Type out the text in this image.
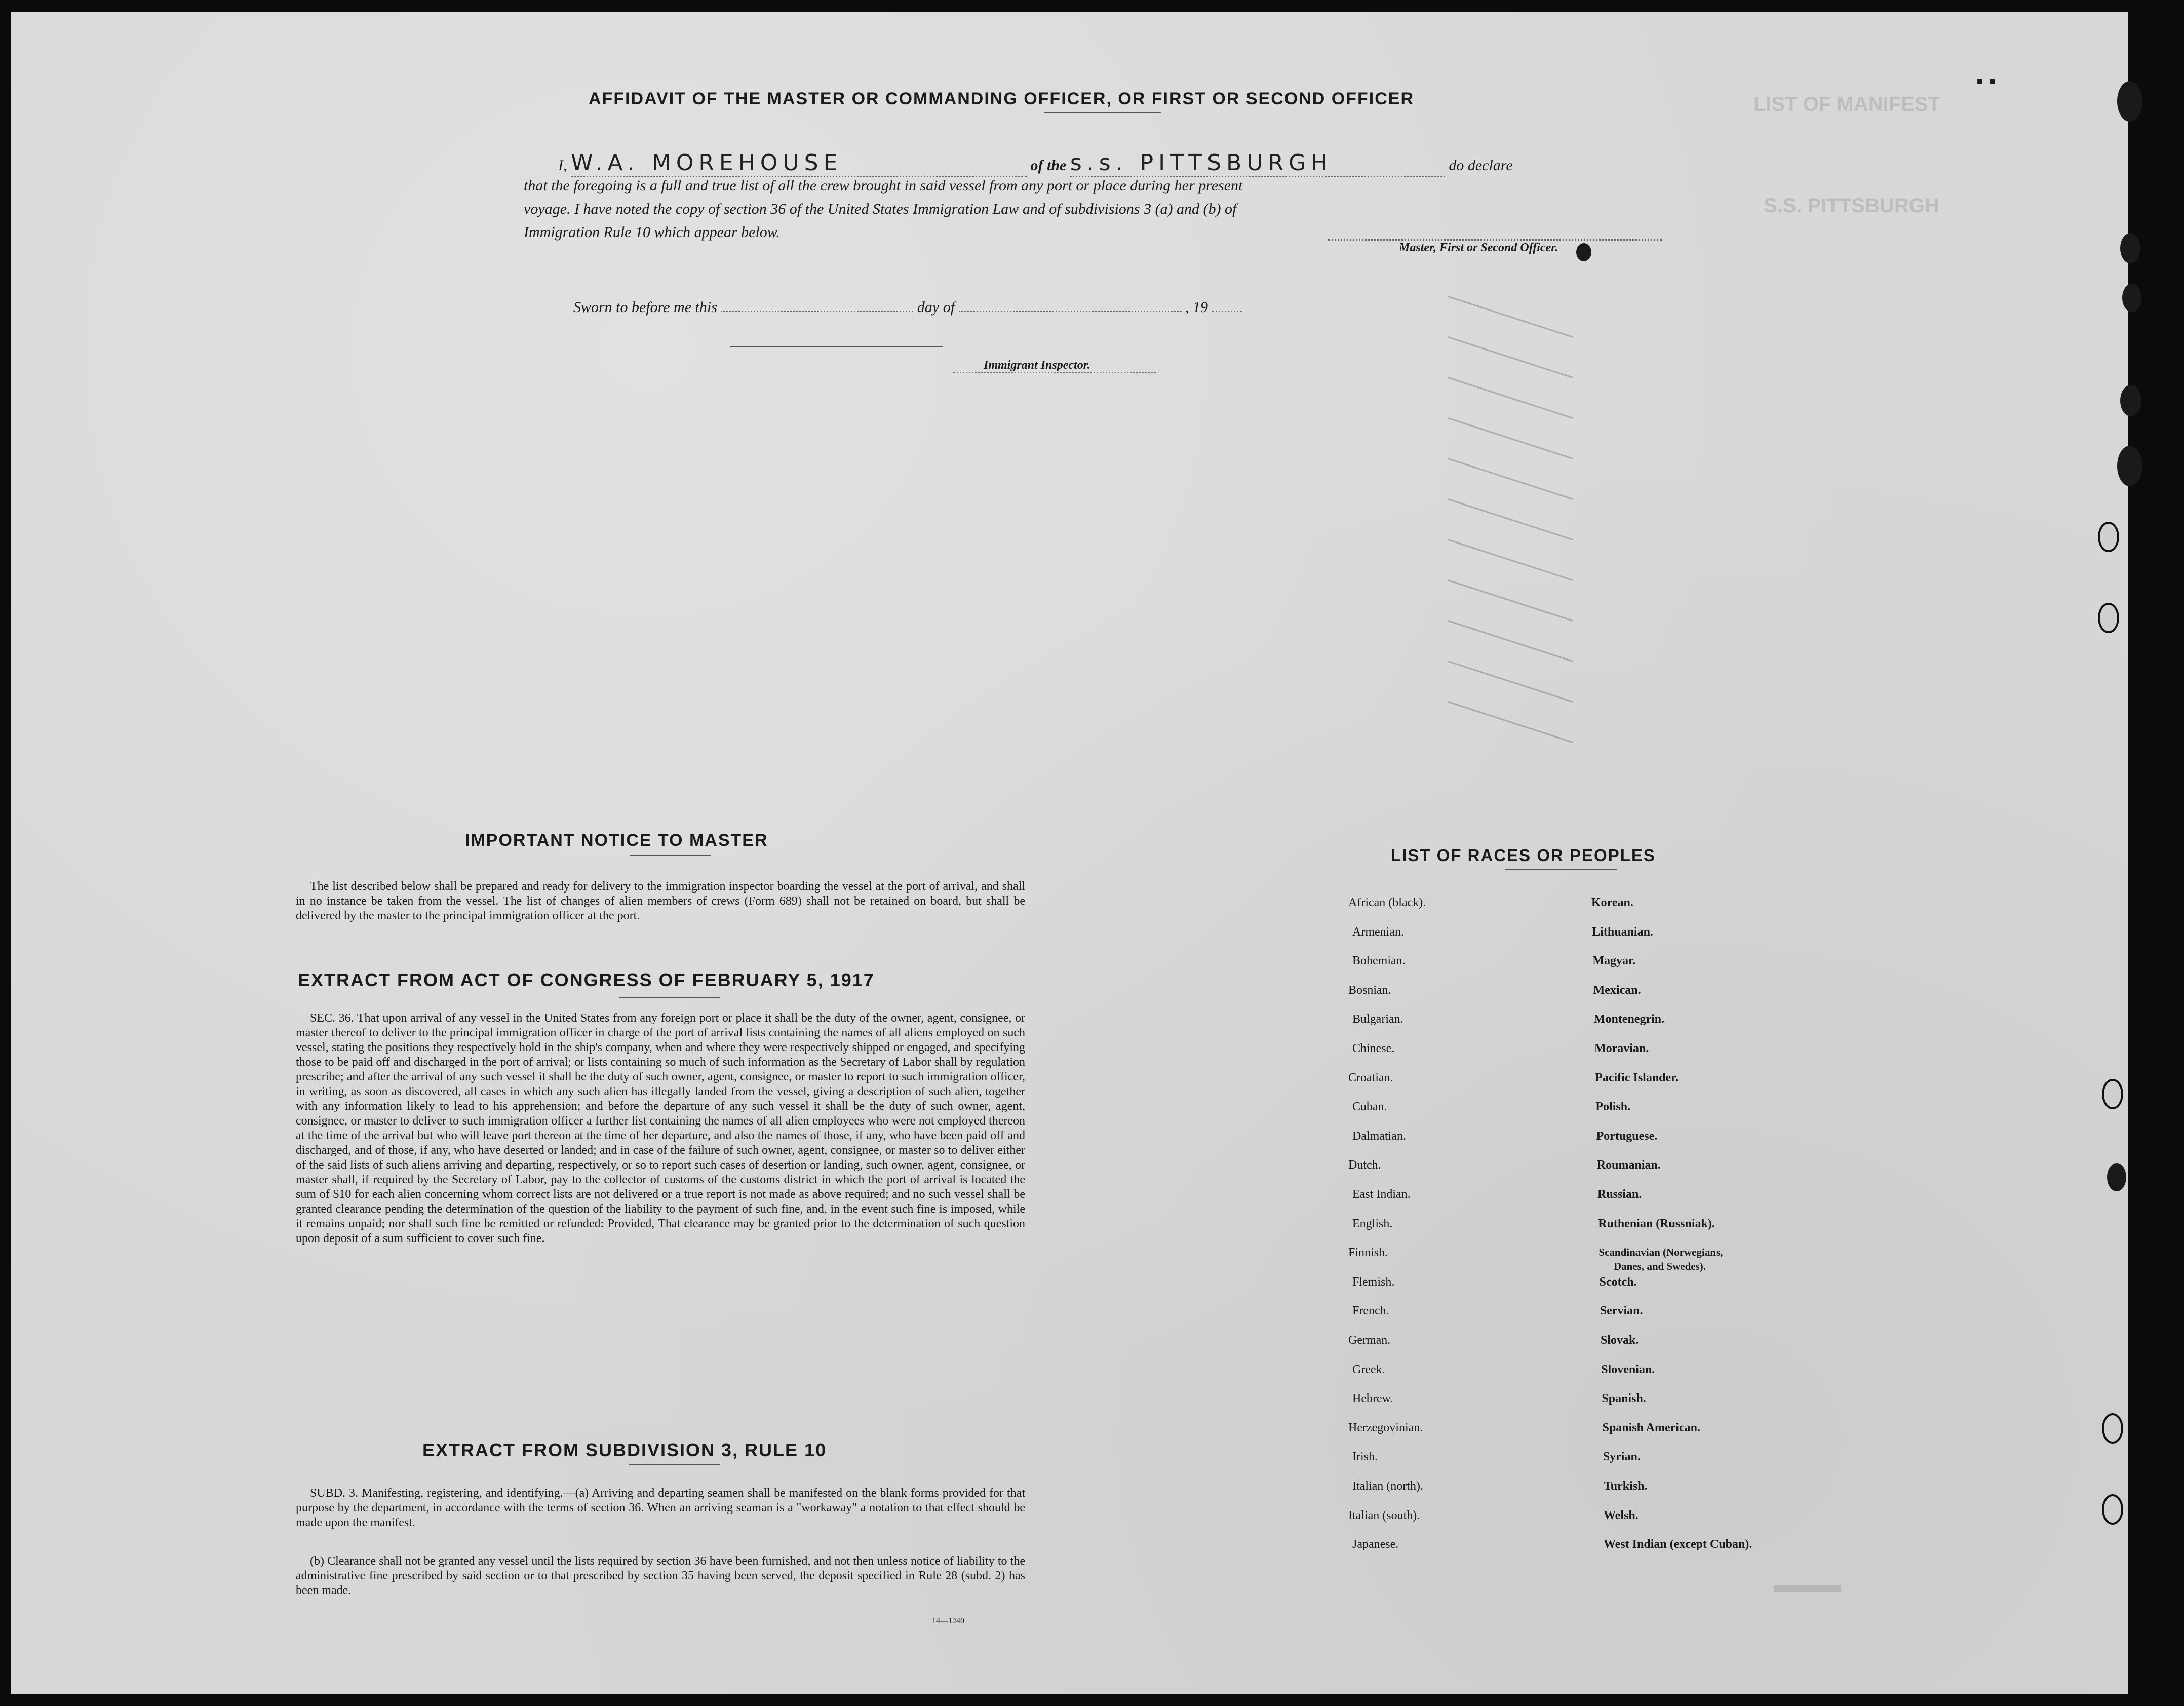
LIST OF MANIFEST
S.S. PITTSBURGH
AFFIDAVIT OF THE MASTER OR COMMANDING OFFICER, OR FIRST OR SECOND OFFICER
I, W.A. MOREHOUSE	of the s.s. PITTSBURGH	do declare
that the foregoing is a full and true list of all the crew brought in said vessel from any port or place during her present
voyage. I have noted the copy of section 36 of the United States Immigration Law and of subdivisions 3 (a) and (b) of
Immigration Rule 10 which appear below.
Master, First or Second Officer.
Sworn to before me this	day of	, 19
Immigrant Inspector.
IMPORTANT NOTICE TO MASTER
The list described below shall be prepared and ready for delivery to the immigration inspector boarding the vessel at the port of arrival, and shall in no instance be taken from the vessel. The list of changes of alien members of crews (Form 689) shall not be retained on board, but shall be delivered by the master to the principal immigration officer at the port.
EXTRACT FROM ACT OF CONGRESS OF FEBRUARY 5, 1917
SEC. 36. That upon arrival of any vessel in the United States from any foreign port or place it shall be the duty of the owner, agent, consignee, or master thereof to deliver to the principal immigration officer in charge of the port of arrival lists containing the names of all aliens employed on such vessel, stating the positions they respectively hold in the ship's company, when and where they were respectively shipped or engaged, and specifying those to be paid off and discharged in the port of arrival; or lists containing so much of such information as the Secretary of Labor shall by regulation prescribe; and after the arrival of any such vessel it shall be the duty of such owner, agent, consignee, or master to report to such immigration officer, in writing, as soon as discovered, all cases in which any such alien has illegally landed from the vessel, giving a description of such alien, together with any information likely to lead to his apprehension; and before the departure of any such vessel it shall be the duty of such owner, agent, consignee, or master to deliver to such immigration officer a further list containing the names of all alien employees who were not employed thereon at the time of the arrival but who will leave port thereon at the time of her departure, and also the names of those, if any, who have been paid off and discharged, and of those, if any, who have deserted or landed; and in case of the failure of such owner, agent, consignee, or master so to deliver either of the said lists of such aliens arriving and departing, respectively, or so to report such cases of desertion or landing, such owner, agent, consignee, or master shall, if required by the Secretary of Labor, pay to the collector of customs of the customs district in which the port of arrival is located the sum of $10 for each alien concerning whom correct lists are not delivered or a true report is not made as above required; and no such vessel shall be granted clearance pending the determination of the question of the liability to the payment of such fine, and, in the event such fine is imposed, while it remains unpaid; nor shall such fine be remitted or refunded: Provided, That clearance may be granted prior to the determination of such question upon deposit of a sum sufficient to cover such fine.
EXTRACT FROM SUBDIVISION 3, RULE 10
SUBD. 3. Manifesting, registering, and identifying.—(a) Arriving and departing seamen shall be manifested on the blank forms provided for that purpose by the department, in accordance with the terms of section 36. When an arriving seaman is a "workaway" a notation to that effect should be made upon the manifest.
(b) Clearance shall not be granted any vessel until the lists required by section 36 have been furnished, and not then unless notice of liability to the administrative fine prescribed by said section or to that prescribed by section 35 having been served, the deposit specified in Rule 28 (subd. 2) has been made.
14—1240
LIST OF RACES OR PEOPLES
▬▬▬
▪ ▪
African (black).
Armenian.
Bohemian.
Bosnian.
Bulgarian.
Chinese.
Croatian.
Cuban.
Dalmatian.
Dutch.
East Indian.
English.
Finnish.
Flemish.
French.
German.
Greek.
Hebrew.
Herzegovinian.
Irish.
Italian (north).
Italian (south).
Japanese.
Korean.
Lithuanian.
Magyar.
Mexican.
Montenegrin.
Moravian.
Pacific Islander.
Polish.
Portuguese.
Roumanian.
Russian.
Ruthenian (Russniak).
Scandinavian (Norwegians,
Danes, and Swedes).
Scotch.
Servian.
Slovak.
Slovenian.
Spanish.
Spanish American.
Syrian.
Turkish.
Welsh.
West Indian (except Cuban).
